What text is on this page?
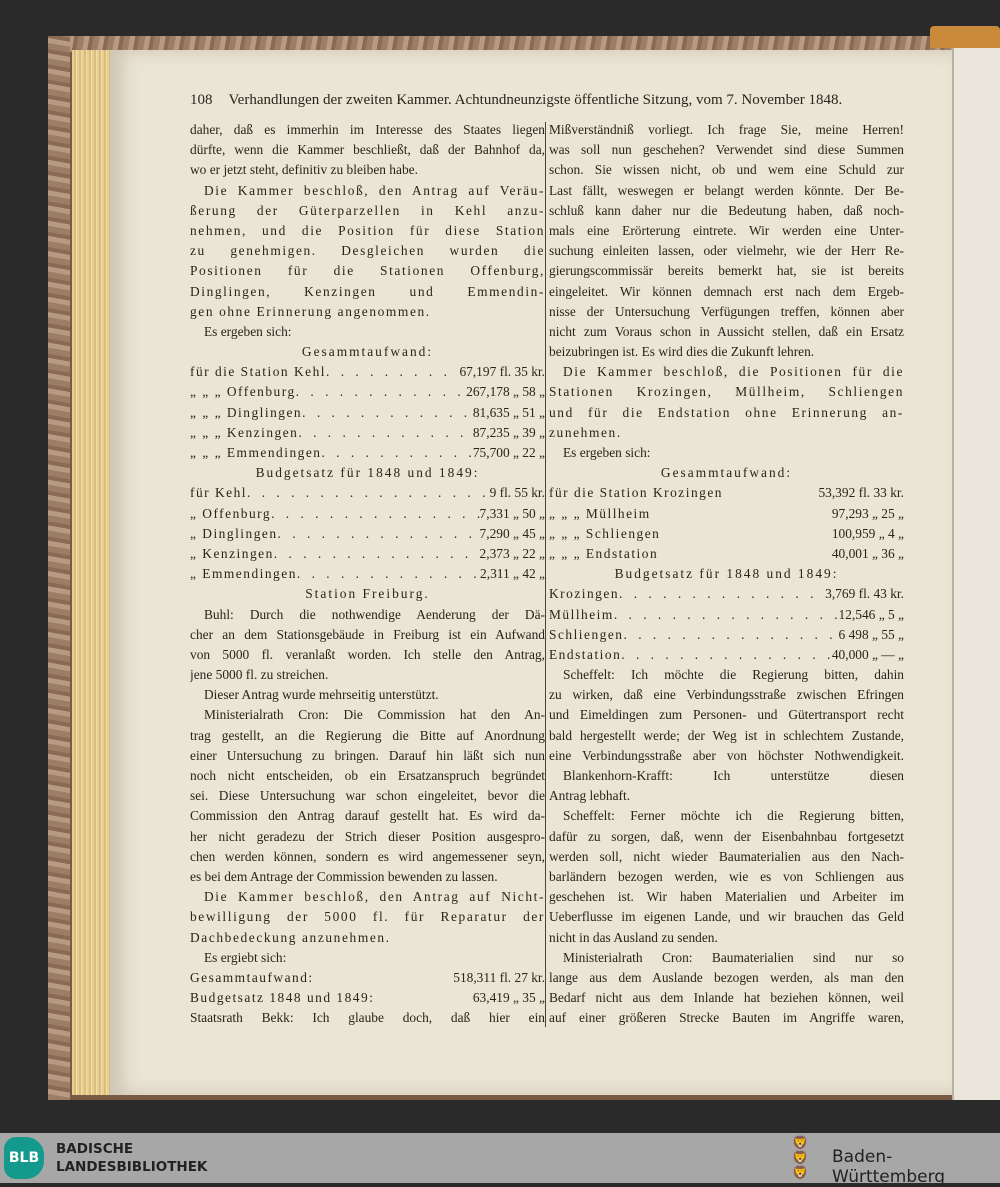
108 Verhandlungen der zweiten Kammer. Achtundneunzigste öffentliche Sitzung, vom 7. November 1848.
daher, daß es immerhin im Interesse des Staates liegen
dürfte, wenn die Kammer beschließt, daß der Bahnhof da,
wo er jetzt steht, definitiv zu bleiben habe.
Die Kammer beschloß, den Antrag auf Veräu-
ßerung der Güterparzellen in Kehl anzu-
nehmen, und die Position für diese Station
zu genehmigen. Desgleichen wurden die
Positionen für die Stationen Offenburg,
Dinglingen, Kenzingen und Emmendin-
gen ohne Erinnerung angenommen.
Es ergeben sich:
Gesammtaufwand:
für die Station Kehl . . .	67,197 fl. 35 kr.
„ „ „ Offenburg . . .	267,178 „ 58 „
„ „ „ Dinglingen . . .	81,635 „ 51 „
„ „ „ Kenzingen . . .	87,235 „ 39 „
„ „ „ Emmendingen . . .	75,700 „ 22 „
Budgetsatz für 1848 und 1849:
für Kehl . . .	9 fl. 55 kr.
„ Offenburg . . .	7,331 „ 50 „
„ Dinglingen . . .	7,290 „ 45 „
„ Kenzingen . . .	2,373 „ 22 „
„ Emmendingen . . .	2,311 „ 42 „
Station Freiburg.
Buhl: Durch die nothwendige Aenderung der Dä-
cher an dem Stationsgebäude in Freiburg ist ein Aufwand
von 5000 fl. veranlaßt worden. Ich stelle den Antrag,
jene 5000 fl. zu streichen.
Dieser Antrag wurde mehrseitig unterstützt.
Ministerialrath Cron: Die Commission hat den An-
trag gestellt, an die Regierung die Bitte auf Anordnung
einer Untersuchung zu bringen. Darauf hin läßt sich nun
noch nicht entscheiden, ob ein Ersatzanspruch begründet
sei. Diese Untersuchung war schon eingeleitet, bevor die
Commission den Antrag darauf gestellt hat. Es wird da-
her nicht geradezu der Strich dieser Position ausgespro-
chen werden können, sondern es wird angemessener seyn,
es bei dem Antrage der Commission bewenden zu lassen.
Die Kammer beschloß, den Antrag auf Nicht-
bewilligung der 5000 fl. für Reparatur der
Dachbedeckung anzunehmen.
Es ergiebt sich:
Gesammtaufwand:	518,311 fl. 27 kr.
Budgetsatz 1848 und 1849:	63,419 „ 35 „
Staatsrath Bekk: Ich glaube doch, daß hier ein
Mißverständniß vorliegt. Ich frage Sie, meine Herren!
was soll nun geschehen? Verwendet sind diese Summen
schon. Sie wissen nicht, ob und wem eine Schuld zur
Last fällt, weswegen er belangt werden könnte. Der Be-
schluß kann daher nur die Bedeutung haben, daß noch-
mals eine Erörterung eintrete. Wir werden eine Unter-
suchung einleiten lassen, oder vielmehr, wie der Herr Re-
gierungscommissär bereits bemerkt hat, sie ist bereits
eingeleitet. Wir können demnach erst nach dem Ergeb-
nisse der Untersuchung Verfügungen treffen, können aber
nicht zum Voraus schon in Aussicht stellen, daß ein Ersatz
beizubringen ist. Es wird dies die Zukunft lehren.
Die Kammer beschloß, die Positionen für die
Stationen Krozingen, Müllheim, Schliengen
und für die Endstation ohne Erinnerung an-
zunehmen.
Es ergeben sich:
Gesammtaufwand:
für die Station Krozingen	53,392 fl. 33 kr.
„ „ „ Müllheim	97,293 „ 25 „
„ „ „ Schliengen	100,959 „ 4 „
„ „ „ Endstation	40,001 „ 36 „
Budgetsatz für 1848 und 1849:
Krozingen . . .	3,769 fl. 43 kr.
Müllheim . . .	12,546 „ 5 „
Schliengen . . .	6 498 „ 55 „
Endstation . . .	40,000 „ — „
Scheffelt: Ich möchte die Regierung bitten, dahin
zu wirken, daß eine Verbindungsstraße zwischen Efringen
und Eimeldingen zum Personen- und Gütertransport recht
bald hergestellt werde; der Weg ist in schlechtem Zustande,
eine Verbindungsstraße aber von höchster Nothwendigkeit.
Blankenhorn-Krafft: Ich unterstütze diesen
Antrag lebhaft.
Scheffelt: Ferner möchte ich die Regierung bitten,
dafür zu sorgen, daß, wenn der Eisenbahnbau fortgesetzt
werden soll, nicht wieder Baumaterialien aus den Nach-
barländern bezogen werden, wie es von Schliengen aus
geschehen ist. Wir haben Materialien und Arbeiter im
Ueberflusse im eigenen Lande, und wir brauchen das Geld
nicht in das Ausland zu senden.
Ministerialrath Cron: Baumaterialien sind nur so
lange aus dem Auslande bezogen werden, als man den
Bedarf nicht aus dem Inlande hat beziehen können, weil
auf einer größeren Strecke Bauten im Angriffe waren,
BLB
BADISCHE
LANDESBIBLIOTHEK
🦁
🦁
🦁
Baden-Württemberg
